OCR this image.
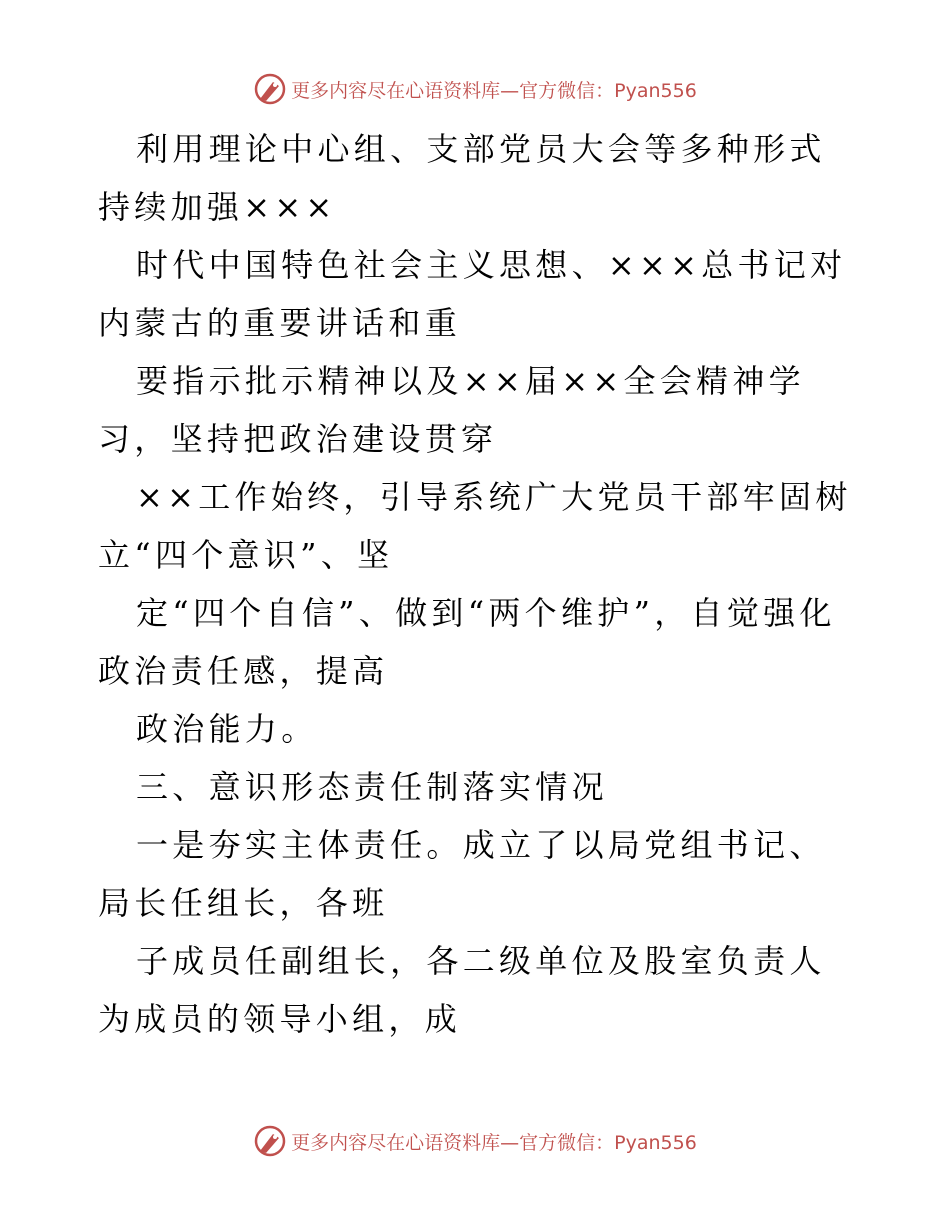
更多内容尽在心语资料库—官方微信：Pyan556

利用理论中心组、支部党员大会等多种形式持续加强×××

时代中国特色社会主义思想、×××总书记对内蒙古的重要讲话和重

要指示批示精神以及××届××全会精神学习，坚持把政治建设贯穿

××工作始终，引导系统广大党员干部牢固树立“四个意识”、坚

定“四个自信”、做到“两个维护”，自觉强化政治责任感，提高

政治能力。

三、意识形态责任制落实情况

一是夯实主体责任。成立了以局党组书记、局长任组长，各班

子成员任副组长，各二级单位及股室负责人为成员的领导小组，成

更多内容尽在心语资料库—官方微信：Pyan556
